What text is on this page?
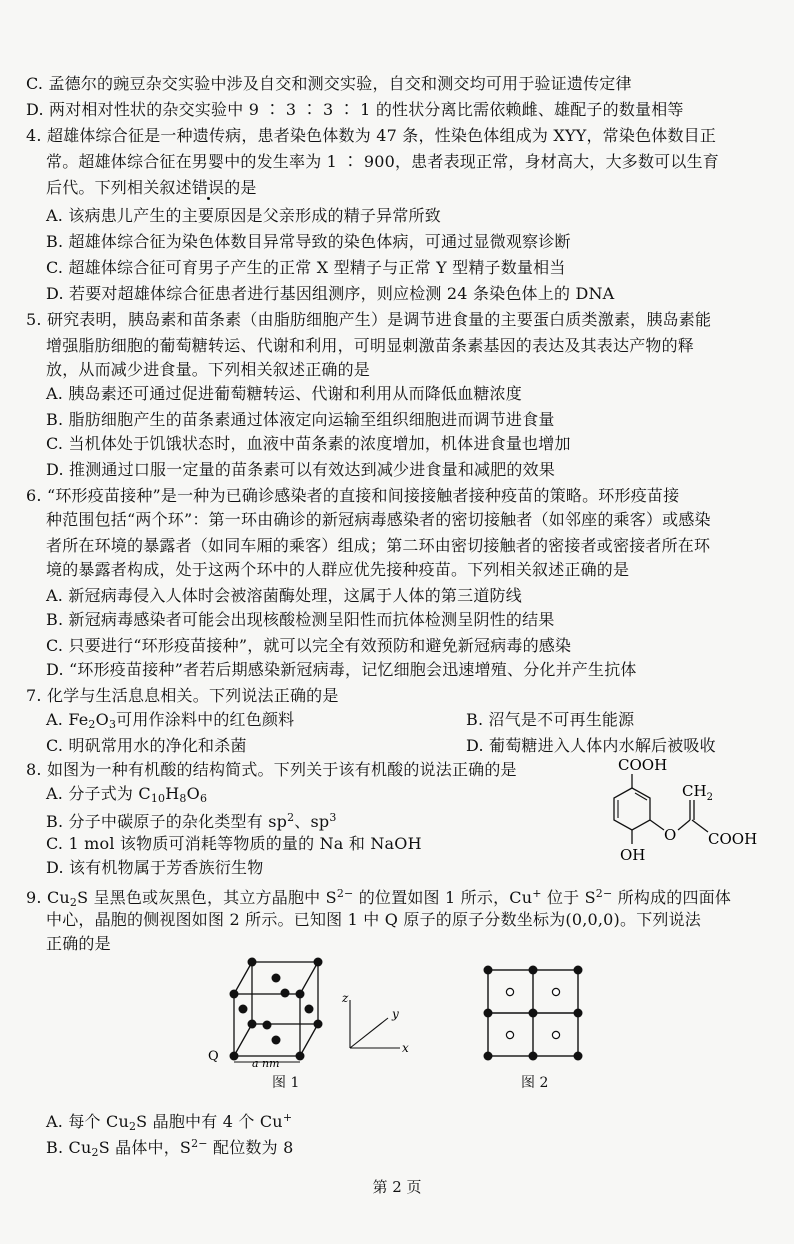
C. 孟德尔的豌豆杂交实验中涉及自交和测交实验，自交和测交均可用于验证遗传定律
D. 两对相对性状的杂交实验中 9 ∶ 3 ∶ 3 ∶ 1 的性状分离比需依赖雌、雄配子的数量相等
4. 超雄体综合征是一种遗传病，患者染色体数为 47 条，性染色体组成为 XYY，常染色体数目正
常。超雄体综合征在男婴中的发生率为 1 ∶ 900，患者表现正常，身材高大，大多数可以生育
后代。下列相关叙述错误的是
A. 该病患儿产生的主要原因是父亲形成的精子异常所致
B. 超雄体综合征为染色体数目异常导致的染色体病，可通过显微观察诊断
C. 超雄体综合征可育男子产生的正常 X 型精子与正常 Y 型精子数量相当
D. 若要对超雄体综合征患者进行基因组测序，则应检测 24 条染色体上的 DNA
5. 研究表明，胰岛素和苗条素（由脂肪细胞产生）是调节进食量的主要蛋白质类激素，胰岛素能
增强脂肪细胞的葡萄糖转运、代谢和利用，可明显刺激苗条素基因的表达及其表达产物的释
放，从而减少进食量。下列相关叙述正确的是
A. 胰岛素还可通过促进葡萄糖转运、代谢和利用从而降低血糖浓度
B. 脂肪细胞产生的苗条素通过体液定向运输至组织细胞进而调节进食量
C. 当机体处于饥饿状态时，血液中苗条素的浓度增加，机体进食量也增加
D. 推测通过口服一定量的苗条素可以有效达到减少进食量和减肥的效果
6. “环形疫苗接种”是一种为已确诊感染者的直接和间接接触者接种疫苗的策略。环形疫苗接
种范围包括“两个环”：第一环由确诊的新冠病毒感染者的密切接触者（如邻座的乘客）或感染
者所在环境的暴露者（如同车厢的乘客）组成；第二环由密切接触者的密接者或密接者所在环
境的暴露者构成，处于这两个环中的人群应优先接种疫苗。下列相关叙述正确的是
A. 新冠病毒侵入人体时会被溶菌酶处理，这属于人体的第三道防线
B. 新冠病毒感染者可能会出现核酸检测呈阳性而抗体检测呈阴性的结果
C. 只要进行“环形疫苗接种”，就可以完全有效预防和避免新冠病毒的感染
D. “环形疫苗接种”者若后期感染新冠病毒，记忆细胞会迅速增殖、分化并产生抗体
7. 化学与生活息息相关。下列说法正确的是
A. $Fe_2O_3$可用作涂料中的红色颜料	B. 沼气是不可再生能源
C. 明矾常用水的净化和杀菌	D. 葡萄糖进入人体内水解后被吸收
8. 如图为一种有机酸的结构简式。下列关于该有机酸的说法正确的是
A. 分子式为 $C_{10}H_8O_6$
B. 分子中碳原子的杂化类型有 $sp^2$、$sp^3$
C. 1 mol 该物质可消耗等物质的量的 Na 和 NaOH
D. 该有机物属于芳香族衍生物
COOH
OH
O
$CH_2$
COOH
9. $Cu_2S$ 呈黑色或灰黑色，其立方晶胞中 $S^{2-}$ 的位置如图 1 所示，Cu+ 位于 $S^{2-}$ 所构成的四面体
中心，晶胞的侧视图如图 2 所示。已知图 1 中 Q 原子的原子分数坐标为(0,0,0)。下列说法
正确的是
Q	a nm
x
z
y
图 1	图 2
A. 每个 $Cu_2S$ 晶胞中有 4 个 Cu+
B. $Cu_2S$ 晶体中，$S^{2-}$ 配位数为 8
第 2 页
